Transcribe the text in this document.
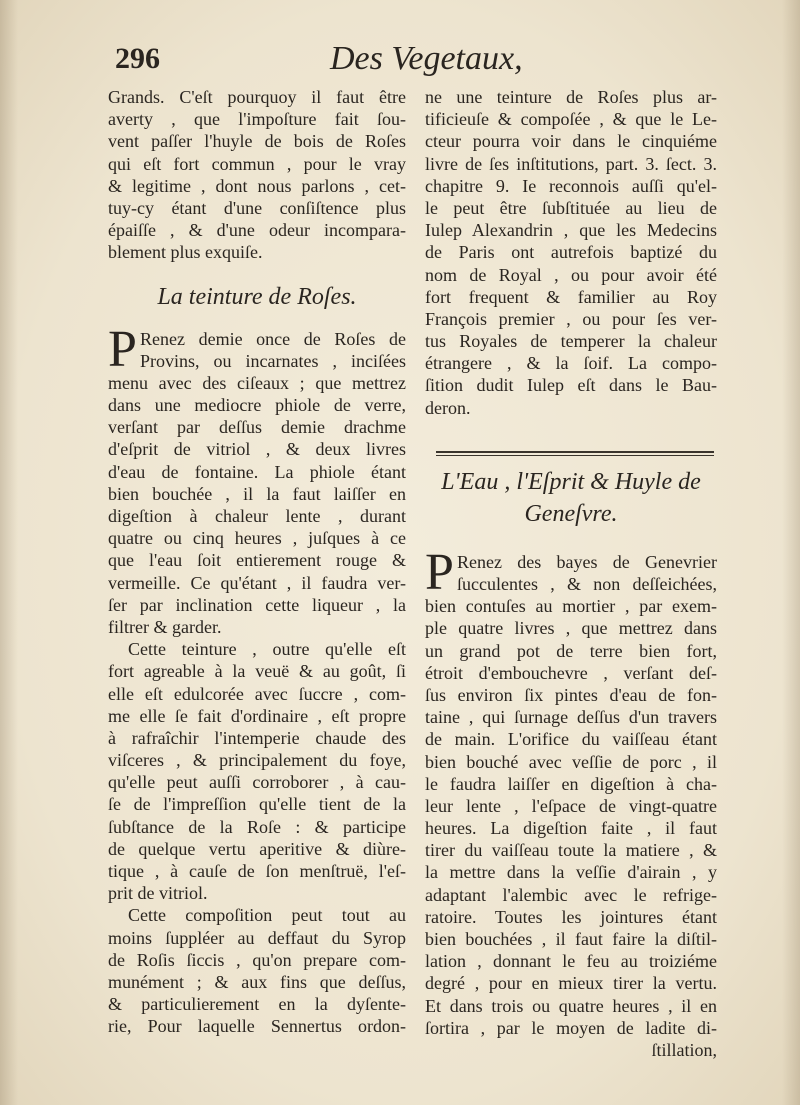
296	Des Vegetaux,
Grands. C'eſt pourquoy il faut être
averty , que l'impoſture fait ſou-
vent paſſer l'huyle de bois de Roſes
qui eſt fort commun , pour le vray
& legitime , dont nous parlons , cet-
tuy-cy étant d'une conſiſtence plus
épaiſſe , & d'une odeur incompara-
blement plus exquiſe.
La teinture de Roſes.
P Renez demie once de Roſes de
Provins, ou incarnates , inciſées
menu avec des ciſeaux ; que mettrez
dans une mediocre phiole de verre,
verſant par deſſus demie drachme
d'eſprit de vitriol , & deux livres
d'eau de fontaine. La phiole étant
bien bouchée , il la faut laiſſer en
digeſtion à chaleur lente , durant
quatre ou cinq heures , juſques à ce
que l'eau ſoit entierement rouge &
vermeille. Ce qu'étant , il faudra ver-
ſer par inclination cette liqueur , la
filtrer & garder.
Cette teinture , outre qu'elle eſt
fort agreable à la veuë & au goût, ſi
elle eſt edulcorée avec ſuccre , com-
me elle ſe fait d'ordinaire , eſt propre
à rafraîchir l'intemperie chaude des
viſceres , & principalement du foye,
qu'elle peut auſſi corroborer , à cau-
ſe de l'impreſſion qu'elle tient de la
ſubſtance de la Roſe : & participe
de quelque vertu aperitive & diùre-
tique , à cauſe de ſon menſtruë, l'eſ-
prit de vitriol.
Cette compoſition peut tout au
moins ſuppléer au deffaut du Syrop
de Roſis ſiccis , qu'on prepare com-
munément ; & aux fins que deſſus,
& particulierement en la dyſente-
rie, Pour laquelle Sennertus ordon-
ne une teinture de Roſes plus ar-
tificieuſe & compoſée , & que le Le-
cteur pourra voir dans le cinquiéme
livre de ſes inſtitutions, part. 3. ſect. 3.
chapitre 9. Ie reconnois auſſi qu'el-
le peut être ſubſtituée au lieu de
Iulep Alexandrin , que les Medecins
de Paris ont autrefois baptizé du
nom de Royal , ou pour avoir été
fort frequent & familier au Roy
François premier , ou pour ſes ver-
tus Royales de temperer la chaleur
étrangere , & la ſoif. La compo-
ſition dudit Iulep eſt dans le Bau-
deron.
L'Eau , l'Eſprit & Huyle de
Geneſvre.
P Renez des bayes de Genevrier
ſucculentes , & non deſſeichées,
bien contuſes au mortier , par exem-
ple quatre livres , que mettrez dans
un grand pot de terre bien fort,
étroit d'embouchevre , verſant deſ-
ſus environ ſix pintes d'eau de fon-
taine , qui ſurnage deſſus d'un travers
de main. L'orifice du vaiſſeau étant
bien bouché avec veſſie de porc , il
le faudra laiſſer en digeſtion à cha-
leur lente , l'eſpace de vingt-quatre
heures. La digeſtion faite , il faut
tirer du vaiſſeau toute la matiere , &
la mettre dans la veſſie d'airain , y
adaptant l'alembic avec le refrige-
ratoire. Toutes les jointures étant
bien bouchées , il faut faire la diſtil-
lation , donnant le feu au troiziéme
degré , pour en mieux tirer la vertu.
Et dans trois ou quatre heures , il en
ſortira , par le moyen de ladite di-
ſtillation,
